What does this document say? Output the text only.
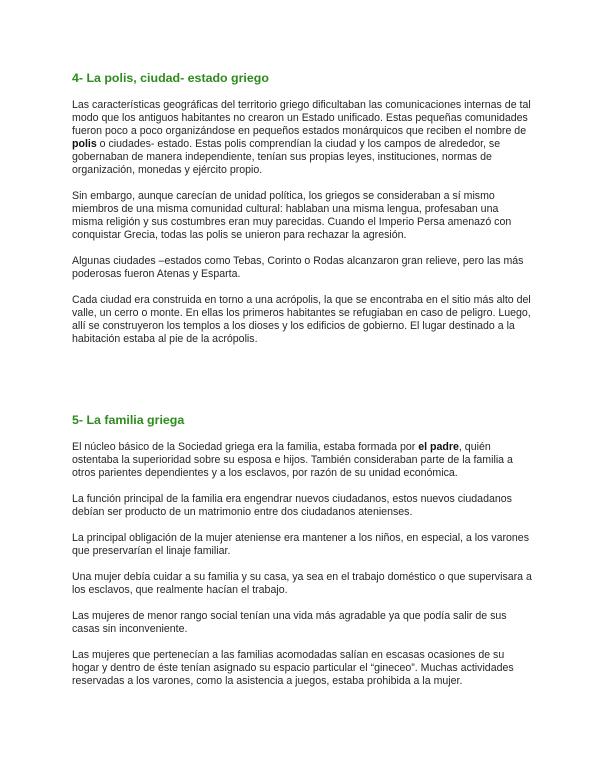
4- La polis, ciudad- estado griego

Las características geográficas del territorio griego dificultaban las comunicaciones internas de tal modo que los antiguos habitantes no crearon un Estado unificado. Estas pequeñas comunidades fueron poco a poco organizándose en pequeños estados monárquicos que reciben el nombre de polis o ciudades- estado. Estas polis comprendían la ciudad y los campos de alrededor, se gobernaban de manera independiente, tenían sus propias leyes, instituciones, normas de organización, monedas y ejército propio.

Sin embargo, aunque carecían de unidad política, los griegos se consideraban a sí mismo miembros de una misma comunidad cultural: hablaban una misma lengua, profesaban una misma religión y sus costumbres eran muy parecidas. Cuando el Imperio Persa amenazó con conquistar Grecia, todas las polis se unieron para rechazar la agresión.

Algunas ciudades –estados como Tebas, Corinto o Rodas alcanzaron gran relieve, pero las más poderosas fueron Atenas y Esparta.

Cada ciudad era construida en torno a una acrópolis, la que se encontraba en el sitio más alto del valle, un cerro o monte. En ellas los primeros habitantes se refugiaban en caso de peligro. Luego, allí se construyeron los templos a los dioses y los edificios de gobierno. El lugar destinado a la habitación estaba al pie de la acrópolis.

5- La familia griega

El núcleo básico de la Sociedad griega era la familia, estaba formada por el padre, quién ostentaba la superioridad sobre su esposa e hijos. También consideraban parte de la familia a otros parientes dependientes y a los esclavos, por razón de su unidad económica.

La función principal de la familia era engendrar nuevos ciudadanos, estos nuevos ciudadanos debían ser producto de un matrimonio entre dos ciudadanos atenienses.

La principal obligación de la mujer ateniense era mantener a los niños, en especial, a los varones que preservarían el linaje familiar.

Una mujer debía cuidar a su familia y su casa, ya sea en el trabajo doméstico o que supervisara a los esclavos, que realmente hacían el trabajo.

Las mujeres de menor rango social tenían una vida más agradable ya que podía salir de sus casas sin inconveniente.

Las mujeres que pertenecían a las familias acomodadas salían en escasas ocasiones de su hogar y dentro de éste tenían asignado su espacio particular el “gineceo”. Muchas actividades reservadas a los varones, como la asistencia a juegos, estaba prohibida a la mujer.
